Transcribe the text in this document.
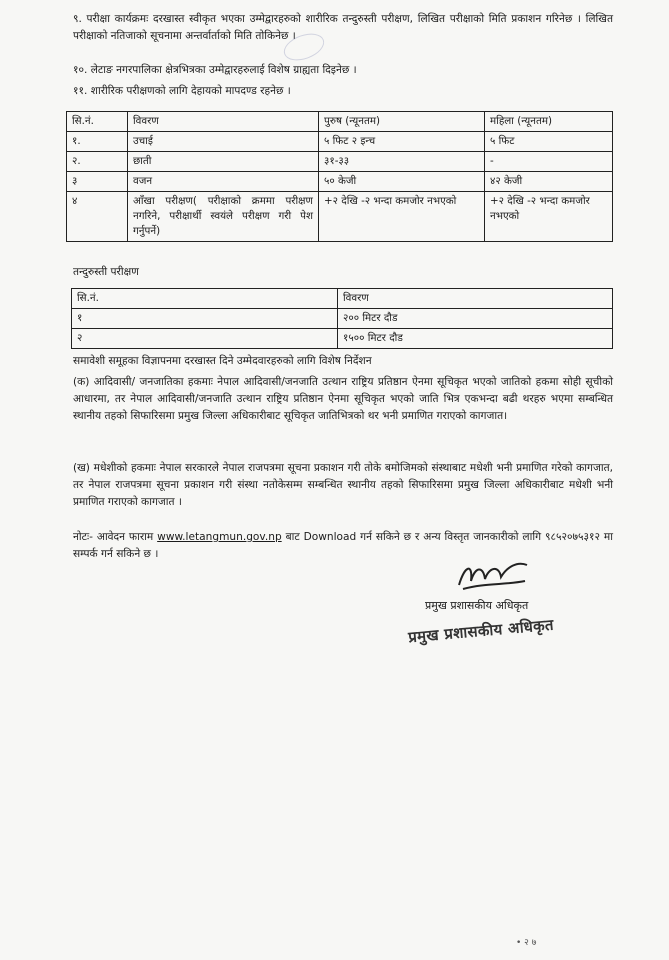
९. परीक्षा कार्यक्रमः दरखास्त स्वीकृत भएका उम्मेद्वारहरुको शारीरिक तन्दुरुस्ती परीक्षण, लिखित परीक्षाको मिति प्रकाशन गरिनेछ । लिखित परीक्षाको नतिजाको सूचनामा अन्तर्वार्ताको मिति तोकिनेछ ।
१०. लेटाङ नगरपालिका क्षेत्रभित्रका उम्मेद्वारहरुलाई विशेष ग्राह्यता दिइनेछ ।
११. शारीरिक परीक्षणको लागि देहायको मापदण्ड रहनेछ ।
सि.नं.	विवरण	पुरुष (न्यूनतम)	महिला (न्यूनतम)
१.	उचाई	५ फिट २ इन्च	५ फिट
२.	छाती	३१-३३	-
३	वजन	५० केजी	४२ केजी
४	आँखा परीक्षण( परीक्षाको क्रममा परीक्षण नगरिने, परीक्षार्थी स्वयंले परीक्षण गरी पेश गर्नुपर्ने)	+२ देखि -२ भन्दा कमजोर नभएको	+२ देखि -२ भन्दा कमजोर नभएको
तन्दुरुस्ती परीक्षण
सि.नं.	विवरण
१	२०० मिटर दौड
२	१५०० मिटर दौड
समावेशी समूहका विज्ञापनमा दरखास्त दिने उम्मेदवारहरुको लागि विशेष निर्देशन
(क) आदिवासी/ जनजातिका हकमाः नेपाल आदिवासी/जनजाति उत्थान राष्ट्रिय प्रतिष्ठान ऐनमा सूचिकृत भएको जातिको हकमा सोही सूचीको आधारमा, तर नेपाल आदिवासी/जनजाति उत्थान राष्ट्रिय प्रतिष्ठान ऐनमा सूचिकृत भएको जाति भित्र एकभन्दा बढी थरहरु भएमा सम्बन्धित स्थानीय तहको सिफारिसमा प्रमुख जिल्ला अधिकारीबाट सूचिकृत जातिभित्रको थर भनी प्रमाणित गराएको कागजात।
(ख) मधेशीको हकमाः नेपाल सरकारले नेपाल राजपत्रमा सूचना प्रकाशन गरी तोके बमोजिमको संस्थाबाट मधेशी भनी प्रमाणित गरेको कागजात, तर नेपाल राजपत्रमा सूचना प्रकाशन गरी संस्था नतोकेसम्म सम्बन्धित स्थानीय तहको सिफारिसमा प्रमुख जिल्ला अधिकारीबाट मधेशी भनी प्रमाणित गराएको कागजात ।
नोटः- आवेदन फाराम www.letangmun.gov.np बाट Download गर्न सकिने छ र अन्य विस्तृत जानकारीको लागि ९८५२०७५३१२ मा सम्पर्क गर्न सकिने छ ।
प्रमुख प्रशासकीय अधिकृत
प्रमुख प्रशासकीय अधिकृत
• २ ७
